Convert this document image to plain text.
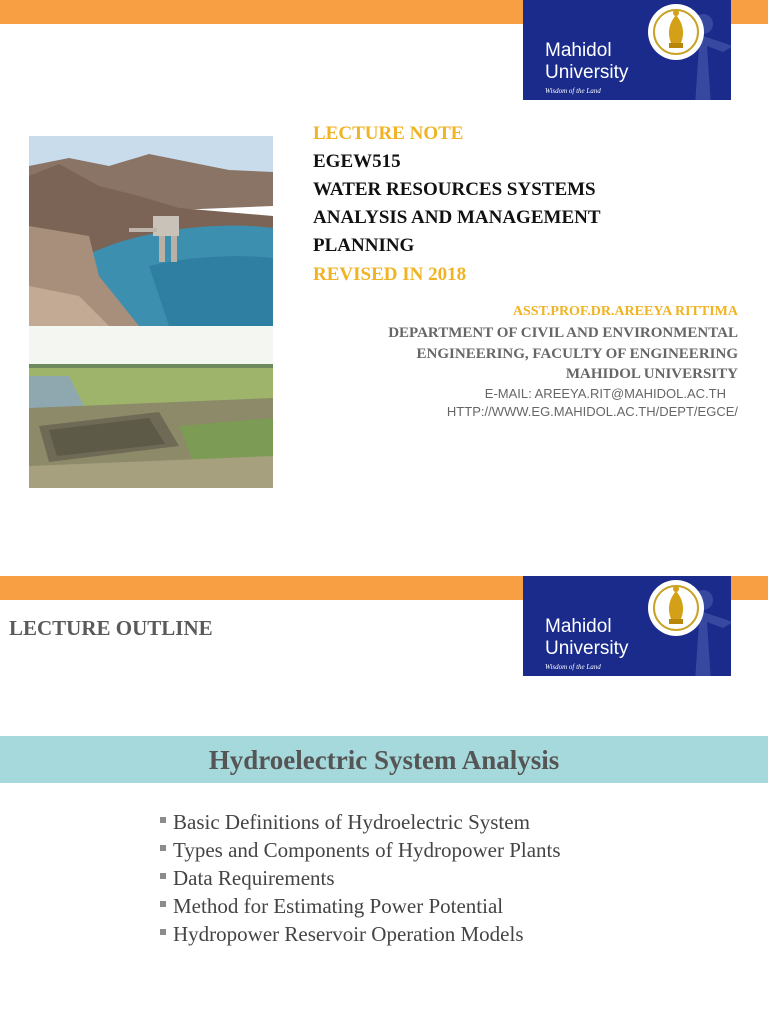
Mahidol
University
Wisdom of the Land
LECTURE NOTE
EGEW515
WATER RESOURCES SYSTEMS
ANALYSIS AND MANAGEMENT
PLANNING
REVISED IN 2018
ASST.PROF.DR.AREEYA RITTIMA
DEPARTMENT OF CIVIL AND ENVIRONMENTAL
ENGINEERING, FACULTY OF ENGINEERING
MAHIDOL UNIVERSITY
E-MAIL: AREEYA.RIT@MAHIDOL.AC.TH
HTTP://WWW.EG.MAHIDOL.AC.TH/DEPT/EGCE/
Mahidol
University
Wisdom of the Land
LECTURE OUTLINE
Hydroelectric System Analysis
Basic Definitions of Hydroelectric System
Types and Components of Hydropower Plants
Data Requirements
Method for Estimating Power Potential
Hydropower Reservoir Operation Models
